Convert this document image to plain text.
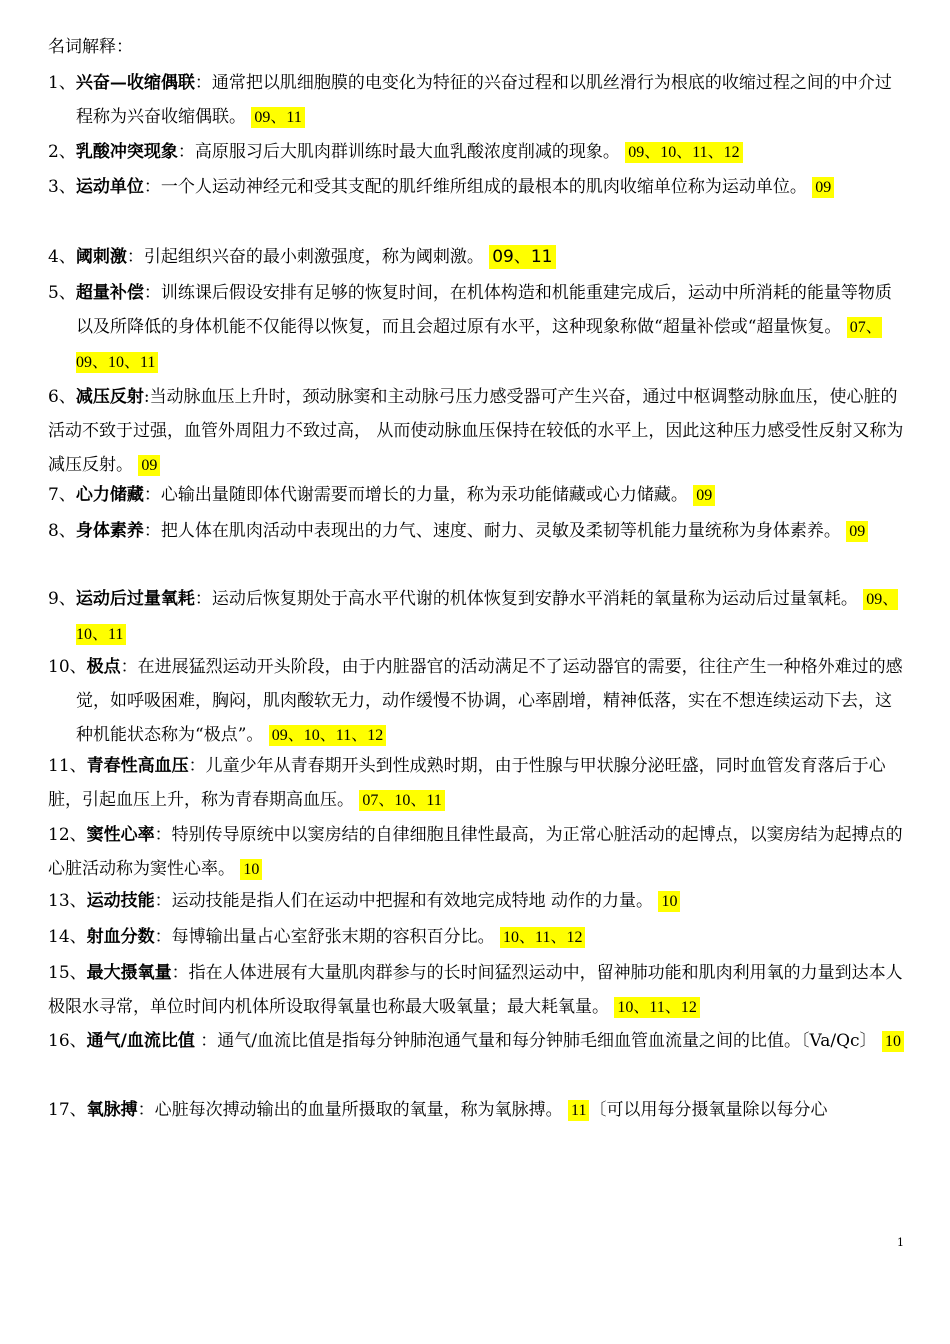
名词解释：
1、兴奋—收缩偶联：通常把以肌细胞膜的电变化为特征的兴奋过程和以肌丝滑行为根底的收缩过程之间的中介过程称为兴奋收缩偶联。 09、11
2、乳酸冲突现象：高原服习后大肌肉群训练时最大血乳酸浓度削减的现象。 09、10、11、12
3、运动单位：一个人运动神经元和受其支配的肌纤维所组成的最根本的肌肉收缩单位称为运动单位。 09
4、阈刺激：引起组织兴奋的最小刺激强度，称为阈刺激。 09、11
5、超量补偿：训练课后假设安排有足够的恢复时间，在机体构造和机能重建完成后，运动中所消耗的能量等物质以及所降低的身体机能不仅能得以恢复，而且会超过原有水平，这种现象称做“超量补偿或“超量恢复。 07、09、10、11
6、减压反射:当动脉血压上升时，颈动脉窦和主动脉弓压力感受器可产生兴奋，通过中枢调整动脉血压，使心脏的活动不致于过强，血管外周阻力不致过高， 从而使动脉血压保持在较低的水平上，因此这种压力感受性反射又称为减压反射。 09
7、心力储藏：心输出量随即体代谢需要而增长的力量，称为汞功能储藏或心力储藏。 09
8、身体素养：把人体在肌肉活动中表现出的力气、速度、耐力、灵敏及柔韧等机能力量统称为身体素养。 09
9、运动后过量氧耗：运动后恢复期处于高水平代谢的机体恢复到安静水平消耗的氧量称为运动后过量氧耗。 09、10、11
10、极点：在进展猛烈运动开头阶段，由于内脏器官的活动满足不了运动器官的需要，往往产生一种格外难过的感觉，如呼吸困难，胸闷，肌肉酸软无力，动作缓慢不协调，心率剧增，精神低落，实在不想连续运动下去，这种机能状态称为“极点”。 09、10、11、12
11、青春性高血压：儿童少年从青春期开头到性成熟时期，由于性腺与甲状腺分泌旺盛，同时血管发育落后于心脏，引起血压上升，称为青春期高血压。 07、10、11
12、窦性心率：特别传导原统中以窦房结的自律细胞且律性最高，为正常心脏活动的起博点，以窦房结为起搏点的心脏活动称为窦性心率。 10
13、运动技能：运动技能是指人们在运动中把握和有效地完成特地 动作的力量。 10
14、射血分数：每博输出量占心室舒张末期的容积百分比。 10、11、12
15、最大摄氧量：指在人体进展有大量肌肉群参与的长时间猛烈运动中，留神肺功能和肌肉利用氧的力量到达本人极限水寻常，单位时间内机体所设取得氧量也称最大吸氧量；最大耗氧量。 10、11、12
16、通气/血流比值 ：通气/血流比值是指每分钟肺泡通气量和每分钟肺毛细血管血流量之间的比值。〔Va/Qc〕 10
17、氧脉搏：心脏每次搏动输出的血量所摄取的氧量，称为氧脉搏。 11 〔可以用每分摄氧量除以每分心
1
